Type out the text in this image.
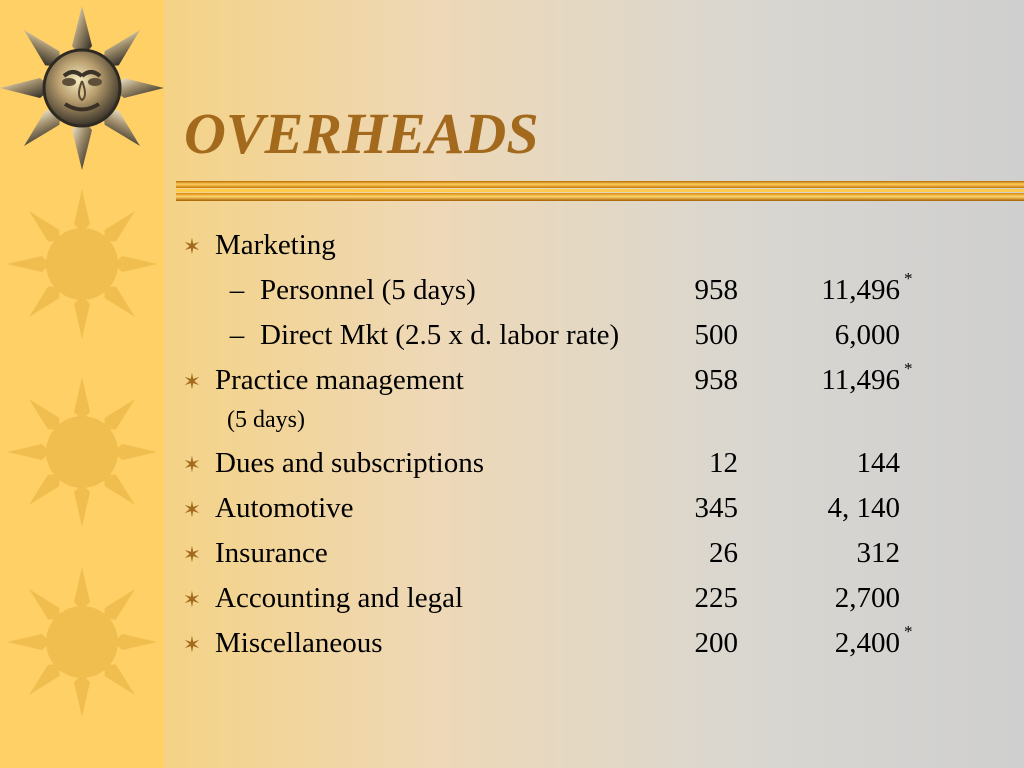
OVERHEADS
✶ Marketing
– Personnel (5 days)	958	11,496 *
– Direct Mkt (2.5 x d. labor rate)	500	6,000
✶ Practice management	958	11,496 *
(5 days)
✶ Dues and subscriptions	12	144
✶ Automotive	345	4, 140
✶ Insurance	26	312
✶ Accounting and legal	225	2,700
✶ Miscellaneous	200	2,400 *
